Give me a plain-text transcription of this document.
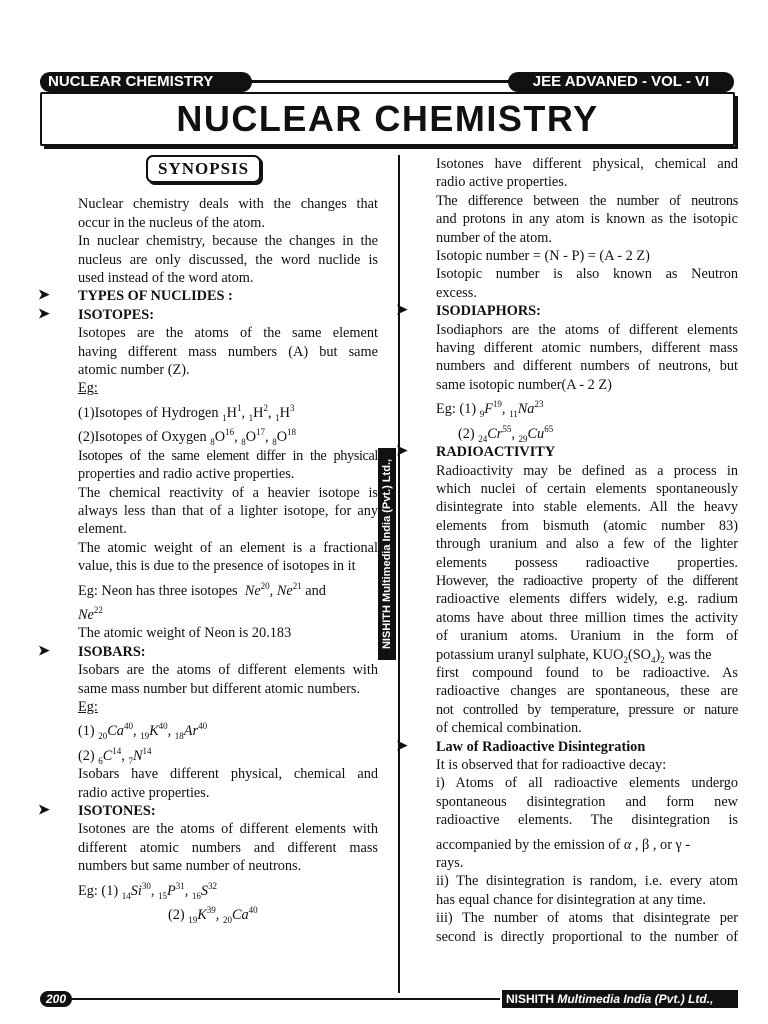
NUCLEAR CHEMISTRY	JEE ADVANED - VOL - VI
NUCLEAR CHEMISTRY
SYNOPSIS

Nuclear chemistry deals with the changes that

occur in the nucleus of the atom.

In nuclear chemistry, because the changes in the

nucleus are only discussed, the word nuclide is

used instead of the word atom.

➤ TYPES OF NUCLIDES :

➤ ISOTOPES:

Isotopes are the atoms of the same element

having different mass numbers (A) but same

atomic number (Z).

Eg:

(1)Isotopes of Hydrogen $_1H^1$, $_1H^2$, $_1H^3$

(2)Isotopes of Oxygen $_8O^{16}$, $_8O^{17}$, $_8O^{18}$

Isotopes of the same element differ in the physical

properties and radio active properties.

The chemical reactivity of a heavier isotope is

always less than that of a lighter isotope, for any

element.

The atomic weight of an element is a fractional

value, this is due to the presence of isotopes in it

Eg: Neon has three isotopes Ne$^{20}$, Ne$^{21}$ and

Ne$^{22}$

The atomic weight of Neon is 20.183

➤ ISOBARS:

Isobars are the atoms of different elements with

same mass number but different atomic numbers.

Eg:

(1) $_{20}Ca^{40}$, $_{19}K^{40}$, $_{18}Ar^{40}$

(2) $_6C^{14}$, $_7N^{14}$

Isobars have different physical, chemical and

radio active properties.

➤ ISOTONES:

Isotones are the atoms of different elements with

different atomic numbers and different mass

numbers but same number of neutrons.

Eg: (1) $_{14}Si^{30}$, $_{15}P^{31}$, $_{16}S^{32}$

(2) $_{19}K^{39}$, $_{20}Ca^{40}$

NISHITH Multimedia India (Pvt.) Ltd.,

Isotones have different physical, chemical and

radio active properties.

The difference between the number of neutrons

and protons in any atom is known as the isotopic

number of the atom.

Isotopic number = (N - P) = (A - 2 Z)

Isotopic number is also known as Neutron

excess.

➤ ISODIAPHORS:

Isodiaphors are the atoms of different elements

having different atomic numbers, different mass

numbers and different numbers of neutrons, but

same isotopic number(A - 2 Z)

Eg: (1) $_9F^{19}$, $_{11}Na^{23}$

(2) $_{24}Cr^{55}$, $_{29}Cu^{65}$

➤ RADIOACTIVITY

Radioactivity may be defined as a process in

which nuclei of certain elements spontaneously

disintegrate into stable elements. All the heavy

elements from bismuth (atomic number 83)

through uranium and also a few of the lighter

elements possess radioactive properties.

However, the radioactive property of the different

radioactive elements differs widely, e.g. radium

atoms have about three million times the activity

of uranium atoms. Uranium in the form of

potassium uranyl sulphate, $KUO_2(SO_4)_2$ was the

first compound found to be radioactive. As

radioactive changes are spontaneous, these are

not controlled by temperature, pressure or nature

of chemical combination.

➤ Law of Radioactive Disintegration

It is observed that for radioactive decay:

i) Atoms of all radioactive elements undergo

spontaneous disintegration and form new

radioactive elements. The disintegration is

accompanied by the emission of α , β , or γ -

rays.

ii) The disintegration is random, i.e. every atom

has equal chance for disintegration at any time.

iii) The number of atoms that disintegrate per

second is directly proportional to the number of

200	NISHITH Multimedia India (Pvt.) Ltd.,
